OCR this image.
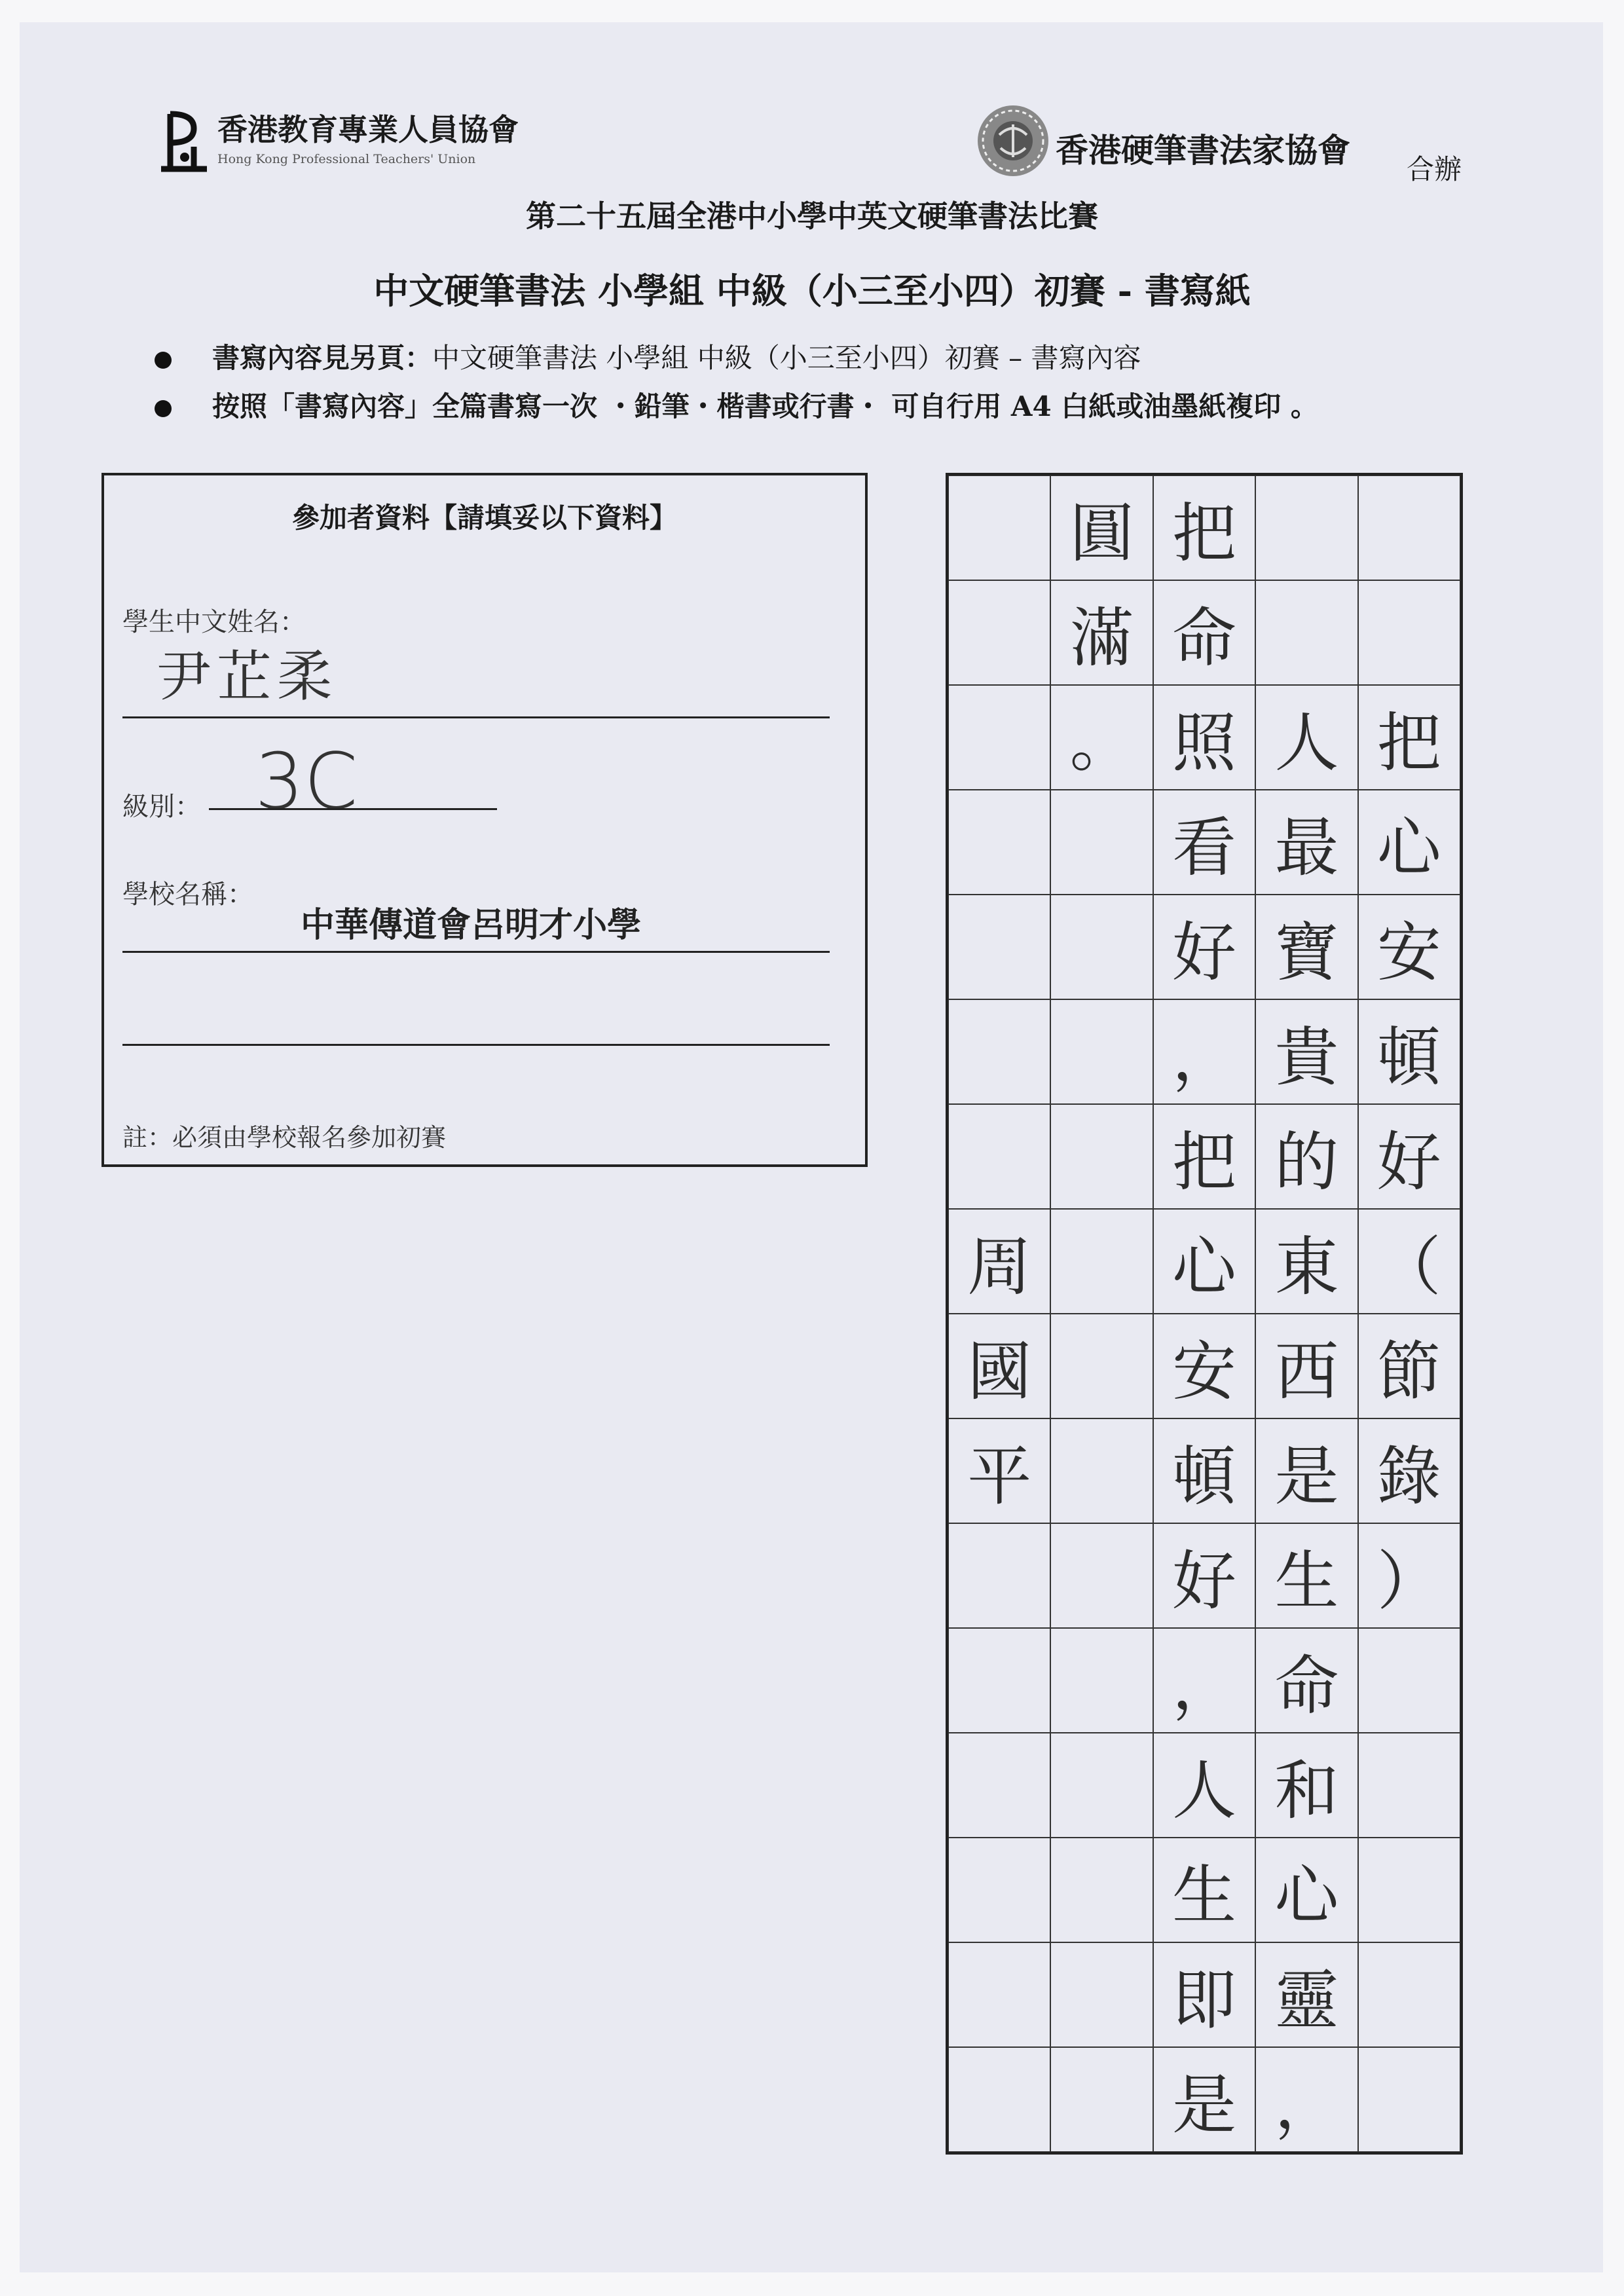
香港教育專業人員協會
Hong Kong Professional Teachers' Union	香港硬筆書法家協會 合辦
第二十五屆全港中小學中英文硬筆書法比賽
中文硬筆書法 小學組 中級（小三至小四）初賽 - 書寫紙
書寫內容見另頁：中文硬筆書法 小學組 中級（小三至小四）初賽 – 書寫內容
按照「書寫內容」全篇書寫一次 ・鉛筆・楷書或行書・ 可自行用 A4 白紙或油墨紙複印 。
參加者資料【請填妥以下資料】
學生中文姓名：
尹芷柔
級別： 3C
學校名稱：
中華傳道會呂明才小學
註：必須由學校報名參加初賽
周
國
平
圓
滿
。
把
命
照
看
好
，
把
心
安
頓
好
，
人
生
即
是
人
最
寶
貴
的
東
西
是
生
命
和
心
靈
，
把
心
安
頓
好
（
節
錄
）
